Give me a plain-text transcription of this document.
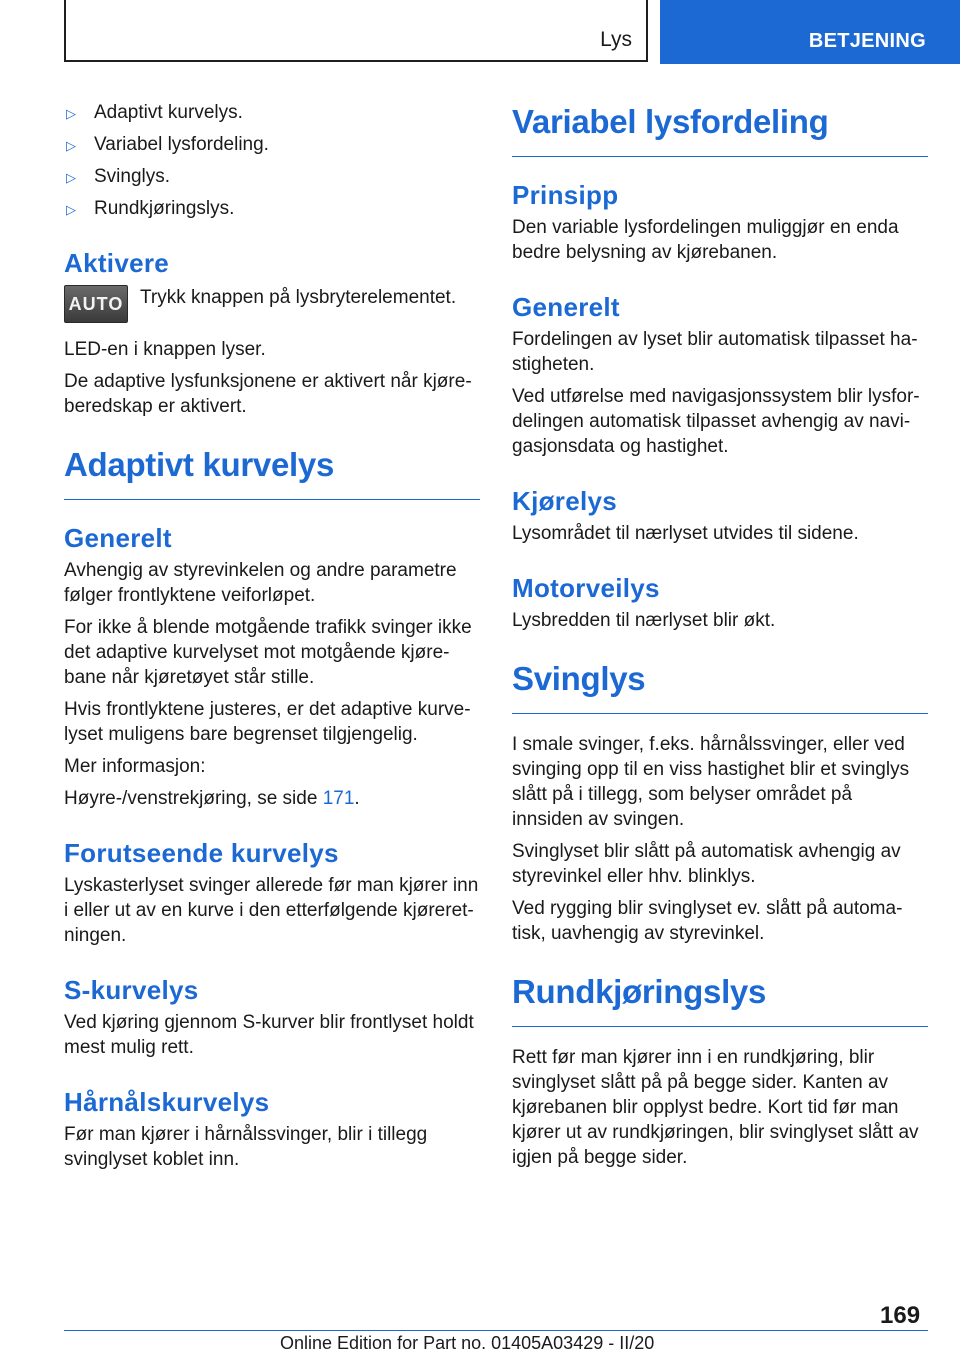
Lys	BETJENING
▷ Adaptivt kurvelys.
▷ Variabel lysfordeling.
▷ Svinglys.
▷ Rundkjøringslys.
Aktivere
AUTO Trykk knappen på lysbryterelementet.

LED-en i knappen lyser.

De adaptive lysfunksjonene er aktivert når kjøreberedskap er aktivert.

Adaptivt kurvelys
Generelt

Avhengig av styrevinkelen og andre parametre følger frontlyktene veiforløpet.

For ikke å blende motgående trafikk svinger ikke det adaptive kurvelyset mot motgående kjørebane når kjøretøyet står stille.

Hvis frontlyktene justeres, er det adaptive kurvelyset muligens bare begrenset tilgjengelig.

Mer informasjon:

Høyre-/venstrekjøring, se side 171.

Forutseende kurvelys

Lyskasterlyset svinger allerede før man kjører inn i eller ut av en kurve i den etterfølgende kjøreretningen.

S-kurvelys

Ved kjøring gjennom S-kurver blir frontlyset holdt mest mulig rett.

Hårnålskurvelys

Før man kjører i hårnålssvinger, blir i tillegg svinglyset koblet inn.

Variabel lysfordeling
Prinsipp

Den variable lysfordelingen muliggjør en enda bedre belysning av kjørebanen.

Generelt

Fordelingen av lyset blir automatisk tilpasset hastigheten.

Ved utførelse med navigasjonssystem blir lysfordelingen automatisk tilpasset avhengig av navigasjonsdata og hastighet.

Kjørelys

Lysområdet til nærlyset utvides til sidene.

Motorveilys

Lysbredden til nærlyset blir økt.

Svinglys

I smale svinger, f.eks. hårnålssvinger, eller ved svinging opp til en viss hastighet blir et svinglys slått på i tillegg, som belyser området på innsiden av svingen.

Svinglyset blir slått på automatisk avhengig av styrevinkel eller hhv. blinklys.

Ved rygging blir svinglyset ev. slått på automatisk, uavhengig av styrevinkel.

Rundkjøringslys

Rett før man kjører inn i en rundkjøring, blir svinglyset slått på på begge sider. Kanten av kjørebanen blir opplyst bedre. Kort tid før man kjører ut av rundkjøringen, blir svinglyset slått av igjen på begge sider.

169
Online Edition for Part no. 01405A03429 - II/20
